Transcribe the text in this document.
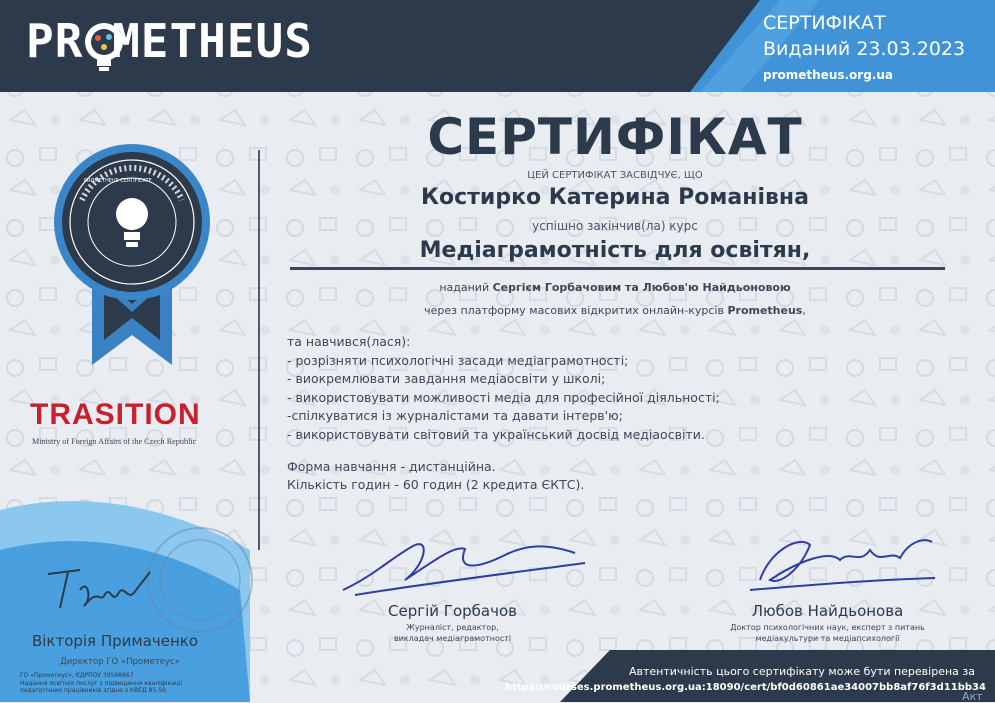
PR METHEUS	СЕРТИФІКАТ
Виданий 23.03.2023
prometheus.org.ua
PROMETHEUS CERTIFICATE
TRASITION
Ministry of Foreign Affairs of the Czech Republic
СЕРТИФІКАТ
ЦЕЙ СЕРТИФІКАТ ЗАСВІДЧУЄ, ЩО
Костирко Катерина Романівна
успішно закінчив(ла) курс
Медіаграмотність для освітян,
наданий Сергієм Горбачовим та Любов'ю Найдьоновою
через платформу масових відкритих онлайн-курсів Prometheus,
та навчився(лася):
- розрізняти психологічні засади медіаграмотності;
- виокремлювати завдання медіаосвіти у школі;
- використовувати можливості медіа для професійної діяльності;
-спілкуватися із журналістами та давати інтерв'ю;
- використовувати світовий та український досвід медіаосвіти.
Форма навчання - дистанційна.
Кількість годин - 60 годин (2 кредита ЄКТС).
Вікторія Примаченко
Директор ГО «Прометеус»
ГО «Прометеус», ЄДРПОУ 39598667
Надання освітніх послуг з підвищення кваліфікації
педагогічних працівників згідно з КВЕД 85.59.
Сергій Горбачов
Журналіст, редактор,
викладач медіаграмотності
Любов Найдьонова
Доктор психологічних наук, експерт з питань
медіакультури та медіапсихології
Автентичність цього сертифікату може бути перевірена за
https://courses.prometheus.org.ua:18090/cert/bf0d60861ae34007bb8af76f3d11bb34
Акт
